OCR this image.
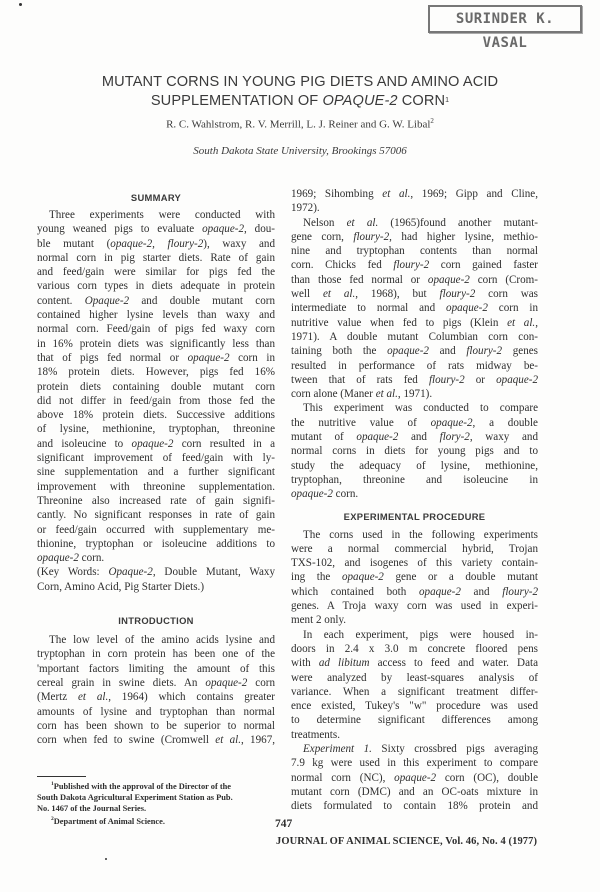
SURINDER K. VASAL
MUTANT CORNS IN YOUNG PIG DIETS AND AMINO ACID
SUPPLEMENTATION OF OPAQUE-2 CORN$^1$
R. C. Wahlstrom, R. V. Merrill, L. J. Reiner and G. W. Libal$^2$
South Dakota State University, Brookings 57006
SUMMARY
Three experiments were conducted with
young weaned pigs to evaluate opaque-2, dou-
ble mutant (opaque-2, floury-2), waxy and
normal corn in pig starter diets. Rate of gain
and feed/gain were similar for pigs fed the
various corn types in diets adequate in protein
content. Opaque-2 and double mutant corn
contained higher lysine levels than waxy and
normal corn. Feed/gain of pigs fed waxy corn
in 16% protein diets was significantly less than
that of pigs fed normal or opaque-2 corn in
18% protein diets. However, pigs fed 16%
protein diets containing double mutant corn
did not differ in feed/gain from those fed the
above 18% protein diets. Successive additions
of lysine, methionine, tryptophan, threonine
and isoleucine to opaque-2 corn resulted in a
significant improvement of feed/gain with ly-
sine supplementation and a further significant
improvement with threonine supplementation.
Threonine also increased rate of gain signifi-
cantly. No significant responses in rate of gain
or feed/gain occurred with supplementary me-
thionine, tryptophan or isoleucine additions to
opaque-2 corn.
(Key Words: Opaque-2, Double Mutant, Waxy
Corn, Amino Acid, Pig Starter Diets.)
INTRODUCTION
The low level of the amino acids lysine and
tryptophan in corn protein has been one of the
'mportant factors limiting the amount of this
cereal grain in swine diets. An opaque-2 corn
(Mertz et al., 1964) which contains greater
amounts of lysine and tryptophan than normal
corn has been shown to be superior to normal
corn when fed to swine (Cromwell et al., 1967,
1969; Sihombing et al., 1969; Gipp and Cline,
1972).
Nelson et al. (1965)found another mutant-
gene corn, floury-2, had higher lysine, methio-
nine and tryptophan contents than normal
corn. Chicks fed floury-2 corn gained faster
than those fed normal or opaque-2 corn (Crom-
well et al., 1968), but floury-2 corn was
intermediate to normal and opaque-2 corn in
nutritive value when fed to pigs (Klein et al.,
1971). A double mutant Columbian corn con-
taining both the opaque-2 and floury-2 genes
resulted in performance of rats midway be-
tween that of rats fed floury-2 or opaque-2
corn alone (Maner et al., 1971).
This experiment was conducted to compare
the nutritive value of opaque-2, a double
mutant of opaque-2 and flory-2, waxy and
normal corns in diets for young pigs and to
study the adequacy of lysine, methionine,
tryptophan, threonine and isoleucine in
opaque-2 corn.
EXPERIMENTAL PROCEDURE
The corns used in the following experiments
were a normal commercial hybrid, Trojan
TXS-102, and isogenes of this variety contain-
ing the opaque-2 gene or a double mutant
which contained both opaque-2 and floury-2
genes. A Troja waxy corn was used in experi-
ment 2 only.
In each experiment, pigs were housed in-
doors in 2.4 x 3.0 m concrete floored pens
with ad libitum access to feed and water. Data
were analyzed by least-squares analysis of
variance. When a significant treatment differ-
ence existed, Tukey's "w" procedure was used
to determine significant differences among
treatments.
Experiment 1. Sixty crossbred pigs averaging
7.9 kg were used in this experiment to compare
normal corn (NC), opaque-2 corn (OC), double
mutant corn (DMC) and an OC-oats mixture in
diets formulated to contain 18% protein and
$^1$Published with the approval of the Director of the
South Dakota Agricultural Experiment Station as Pub.
No. 1467 of the Journal Series.
$^2$Department of Animal Science.	747
JOURNAL OF ANIMAL SCIENCE, Vol. 46, No. 4 (1977)
